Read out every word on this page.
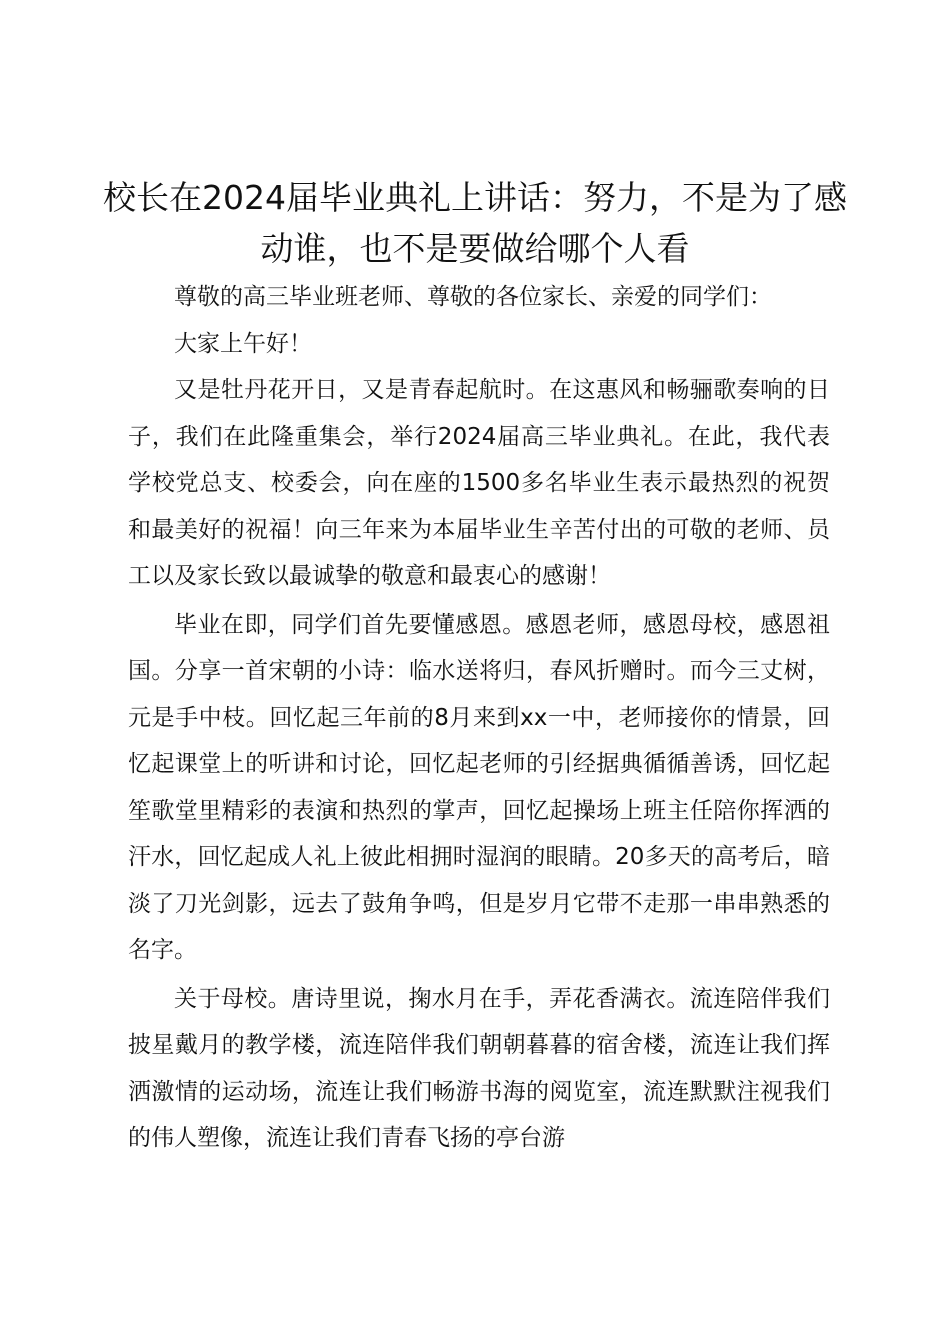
校长在2024届毕业典礼上讲话：努力，不是为了感动谁，也不是要做给哪个人看

尊敬的高三毕业班老师、尊敬的各位家长、亲爱的同学们：

大家上午好！

又是牡丹花开日，又是青春起航时。在这惠风和畅骊歌奏响的日子，我们在此隆重集会，举行2024届高三毕业典礼。在此，我代表学校党总支、校委会，向在座的1500多名毕业生表示最热烈的祝贺和最美好的祝福！向三年来为本届毕业生辛苦付出的可敬的老师、员工以及家长致以最诚挚的敬意和最衷心的感谢！

毕业在即，同学们首先要懂感恩。感恩老师，感恩母校，感恩祖国。分享一首宋朝的小诗：临水送将归，春风折赠时。而今三丈树，元是手中枝。回忆起三年前的8月来到xx一中，老师接你的情景，回忆起课堂上的听讲和讨论，回忆起老师的引经据典循循善诱，回忆起笙歌堂里精彩的表演和热烈的掌声，回忆起操场上班主任陪你挥洒的汗水，回忆起成人礼上彼此相拥时湿润的眼睛。20多天的高考后，暗淡了刀光剑影，远去了鼓角争鸣，但是岁月它带不走那一串串熟悉的名字。

关于母校。唐诗里说，掬水月在手，弄花香满衣。流连陪伴我们披星戴月的教学楼，流连陪伴我们朝朝暮暮的宿舍楼，流连让我们挥洒激情的运动场，流连让我们畅游书海的阅览室，流连默默注视我们的伟人塑像，流连让我们青春飞扬的亭台游
